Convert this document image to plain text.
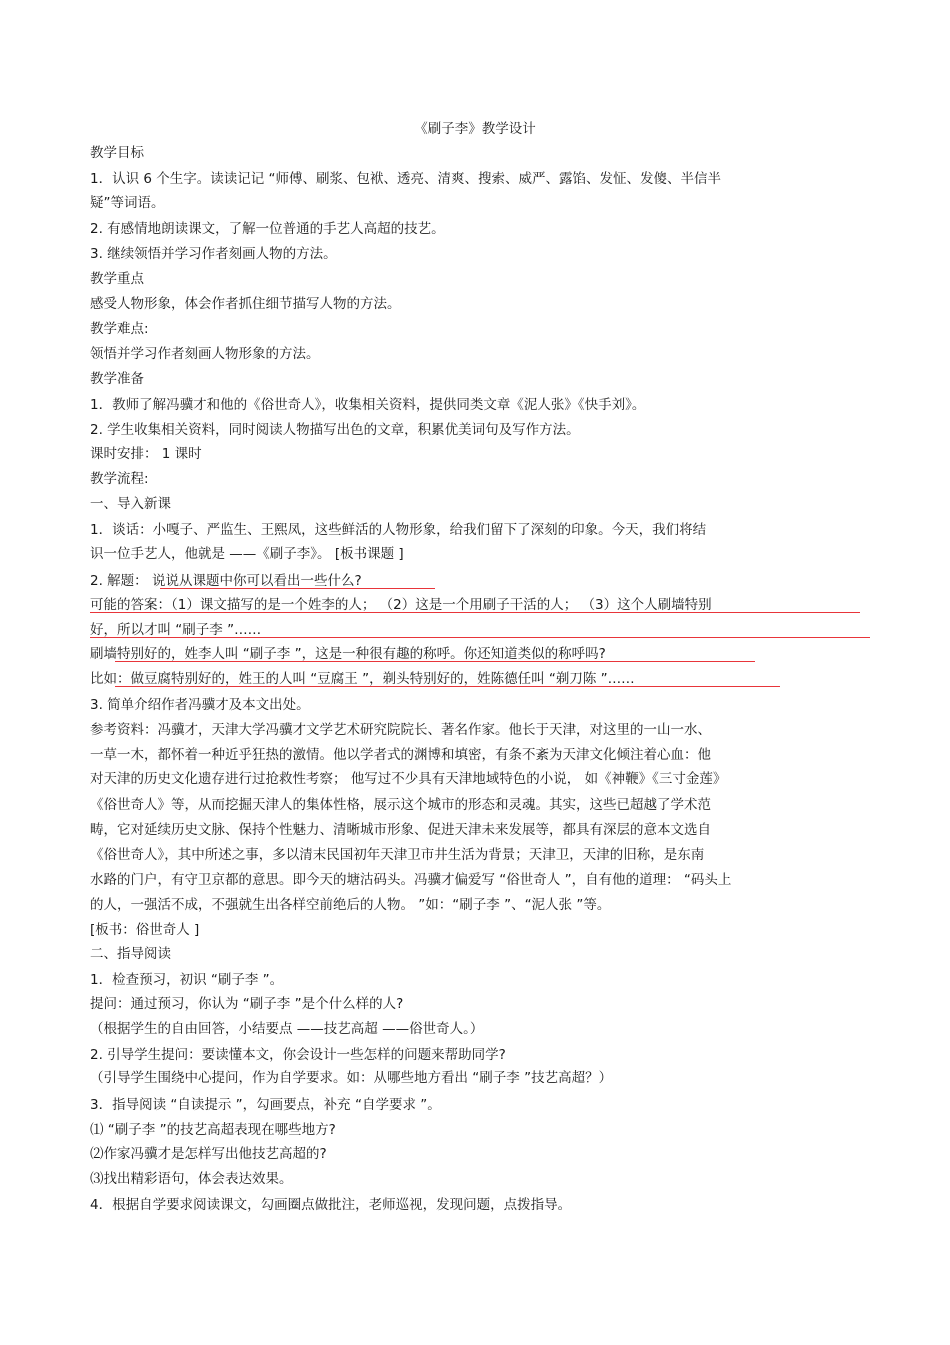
《刷子李》教学设计
教学目标
1．认识 6 个生字。读读记记 “师傅、刷浆、包袱、透亮、清爽、搜索、威严、露馅、发怔、发傻、半信半
疑”等词语。
2. 有感情地朗读课文，了解一位普通的手艺人高超的技艺。
3. 继续领悟并学习作者刻画人物的方法。
教学重点
感受人物形象，体会作者抓住细节描写人物的方法。
教学难点:
领悟并学习作者刻画人物形象的方法。
教学准备
1．教师了解冯骥才和他的《俗世奇人》，收集相关资料，提供同类文章《泥人张》《快手刘》。
2. 学生收集相关资料，同时阅读人物描写出色的文章，积累优美词句及写作方法。
课时安排： 1 课时
教学流程:
一、导入新课
1．谈话：小嘎子、严监生、王熙凤，这些鲜活的人物形象，给我们留下了深刻的印象。今天，我们将结
识一位手艺人，他就是 ——《刷子李》。 [板书课题 ]
2. 解题： 说说从课题中你可以看出一些什么?
可能的答案：（1）课文描写的是一个姓李的人； （2）这是一个用刷子干活的人； （3）这个人刷墙特别
好，所以才叫 “刷子李 ”……
刷墙特别好的，姓李人叫 “刷子李 ”，这是一种很有趣的称呼。你还知道类似的称呼吗?
比如：做豆腐特别好的，姓王的人叫 “豆腐王 ”，剃头特别好的，姓陈德任叫 “剃刀陈 ”……
3. 简单介绍作者冯骥才及本文出处。
参考资料：冯骥才，天津大学冯骥才文学艺术研究院院长、著名作家。他长于天津，对这里的一山一水、
一草一木，都怀着一种近乎狂热的激情。他以学者式的渊博和填密，有条不紊为天津文化倾注着心血：他
对天津的历史文化遗存进行过抢救性考察； 他写过不少具有天津地域特色的小说， 如《神鞭》《三寸金莲》
《俗世奇人》等，从而挖掘天津人的集体性格，展示这个城市的形态和灵魂。其实，这些已超越了学术范
畴，它对延续历史文脉、保持个性魅力、清晰城市形象、促进天津未来发展等，都具有深层的意本文选自
《俗世奇人》，其中所述之事，多以清末民国初年天津卫市井生活为背景；天津卫，天津的旧称，是东南
水路的门户，有守卫京都的意思。即今天的塘沽码头。冯骥才偏爱写 “俗世奇人 ”，自有他的道理： “码头上
的人，一强活不成，不强就生出各样空前绝后的人物。 ”如：“刷子李 ”、“泥人张 ”等。
[板书：俗世奇人 ]
二、指导阅读
1．检查预习，初识 “刷子李 ”。
提问：通过预习，你认为 “刷子李 ”是个什么样的人?
（根据学生的自由回答，小结要点 ——技艺高超 ——俗世奇人。）
2. 引导学生提问：要读懂本文，你会设计一些怎样的问题来帮助同学?
（引导学生围绕中心提问，作为自学要求。如：从哪些地方看出 “刷子李 ”技艺高超？）
3．指导阅读 “自读提示 ”，勾画要点，补充 “自学要求 ”。
⑴ “刷子李 ”的技艺高超表现在哪些地方?
⑵作家冯骥才是怎样写出他技艺高超的?
⑶找出精彩语句，体会表达效果。
4．根据自学要求阅读课文，勾画圈点做批注，老师巡视，发现问题，点拨指导。
